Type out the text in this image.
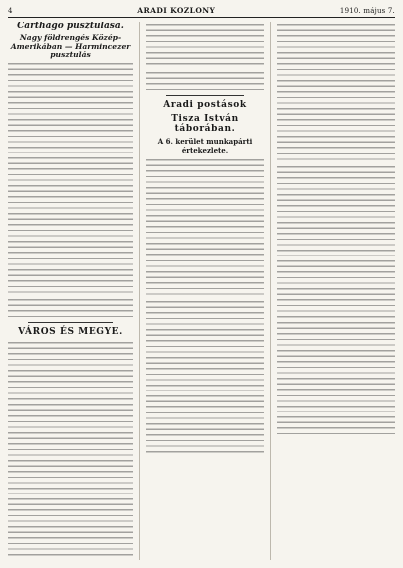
4	ARADI KOZLONY	1910. május 7.
Carthago pusztulása.
Nagy földrengés Közép-Amerikában — Harmincezer pusztulás
VÁROS ÉS MEGYE.
Aradi postások
Tisza István táborában.
A 6. kerület munkapárti értekezlete.
